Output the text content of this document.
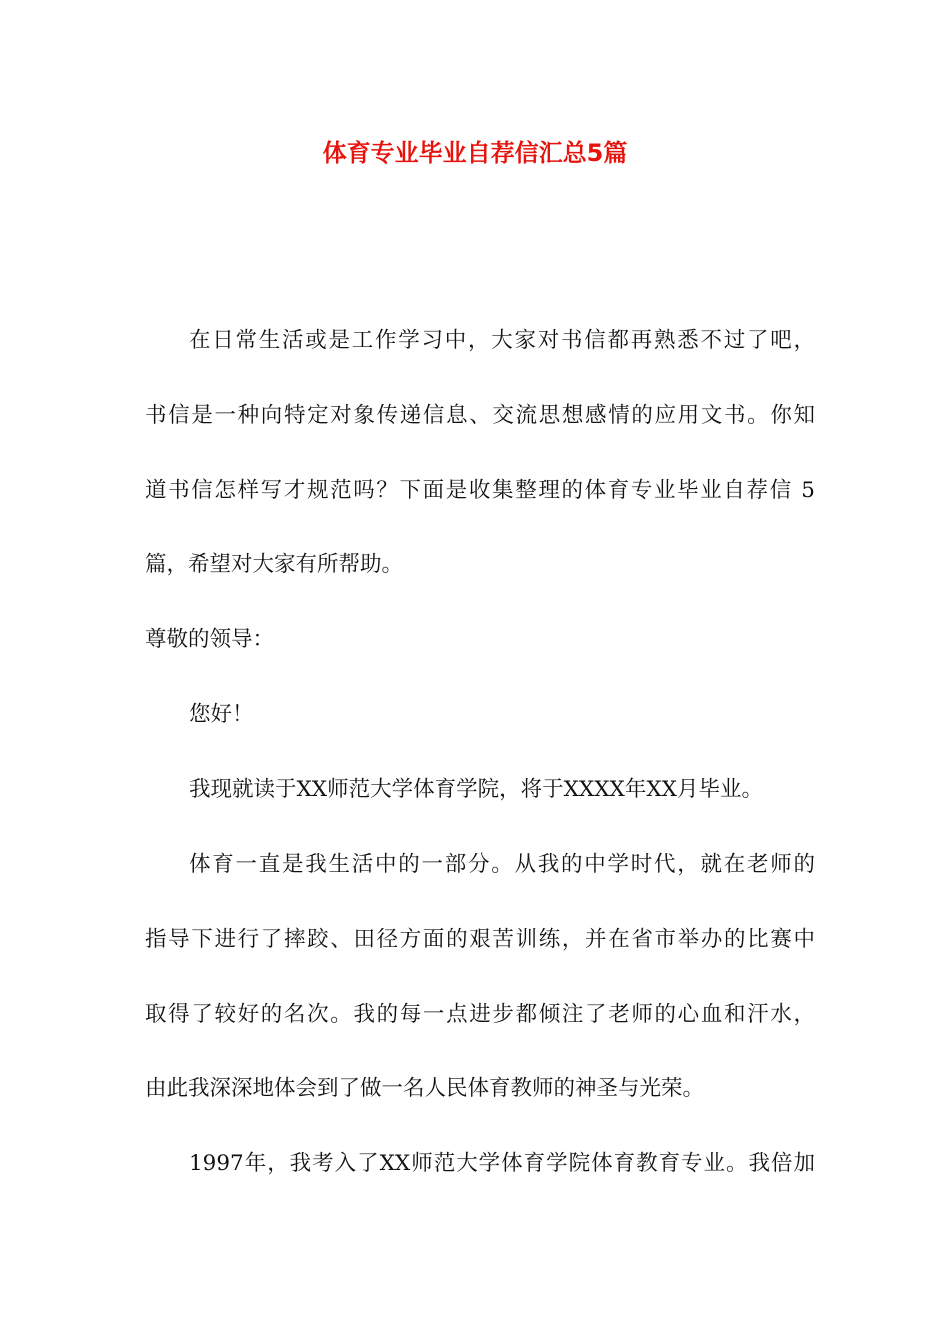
体育专业毕业自荐信汇总5篇
在日常生活或是工作学习中，大家对书信都再熟悉不过了吧，
书信是一种向特定对象传递信息、交流思想感情的应用文书。你知
道书信怎样写才规范吗？下面是收集整理的体育专业毕业自荐信 5
篇，希望对大家有所帮助。
尊敬的领导：
您好！
我现就读于XX师范大学体育学院，将于XXXX年XX月毕业。
体育一直是我生活中的一部分。从我的中学时代，就在老师的
指导下进行了摔跤、田径方面的艰苦训练，并在省市举办的比赛中
取得了较好的名次。我的每一点进步都倾注了老师的心血和汗水，
由此我深深地体会到了做一名人民体育教师的神圣与光荣。
1997年，我考入了XX师范大学体育学院体育教育专业。我倍加
